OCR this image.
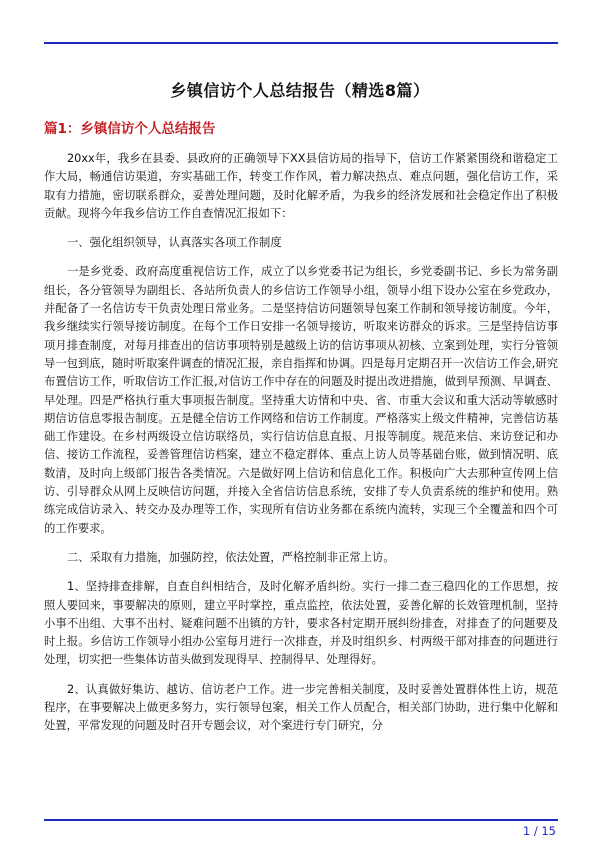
乡镇信访个人总结报告（精选8篇）
篇1：乡镇信访个人总结报告

20xx年，我乡在县委、县政府的正确领导下XX县信访局的指导下，信访工作紧紧围绕和谐稳定工作大局，畅通信访渠道，夯实基础工作，转变工作作风，着力解决热点、难点问题，强化信访工作，采取有力措施，密切联系群众，妥善处理问题，及时化解矛盾，为我乡的经济发展和社会稳定作出了积极贡献。现将今年我乡信访工作自查情况汇报如下：

一、强化组织领导，认真落实各项工作制度

一是乡党委、政府高度重视信访工作，成立了以乡党委书记为组长，乡党委副书记、乡长为常务副组长，各分管领导为副组长、各站所负责人的乡信访工作领导小组，领导小组下设办公室在乡党政办，并配备了一名信访专干负责处理日常业务。二是坚持信访问题领导包案工作制和领导接访制度。今年，我乡继续实行领导接访制度。在每个工作日安排一名领导接访，听取来访群众的诉求。三是坚持信访事项月排查制度，对每月排查出的信访事项特别是越级上访的信访事项从初核、立案到处理，实行分管领导一包到底，随时听取案件调查的情况汇报，亲自指挥和协调。四是每月定期召开一次信访工作会,研究布置信访工作，听取信访工作汇报,对信访工作中存在的问题及时提出改进措施，做到早预测、早调查、早处理。四是严格执行重大事项报告制度。坚持重大访情和中央、省、市重大会议和重大活动等敏感时期信访信息零报告制度。五是健全信访工作网络和信访工作制度。严格落实上级文件精神，完善信访基础工作建设。在乡村两级设立信访联络员，实行信访信息直报、月报等制度。规范来信、来访登记和办信、接访工作流程，妥善管理信访档案，建立不稳定群体、重点上访人员等基础台账，做到情况明、底数清，及时向上级部门报告各类情况。六是做好网上信访和信息化工作。积极向广大去那种宣传网上信访、引导群众从网上反映信访问题，并接入全省信访信息系统，安排了专人负责系统的维护和使用。熟练完成信访录入、转交办及办理等工作，实现所有信访业务都在系统内流转，实现三个全覆盖和四个可的工作要求。

二、采取有力措施，加强防控，依法处置，严格控制非正常上访。

1、坚持排查排解，自查自纠相结合，及时化解矛盾纠纷。实行一排二查三稳四化的工作思想，按照人要回来，事要解决的原则，建立平时掌控，重点监控，依法处置，妥善化解的长效管理机制，坚持小事不出组、大事不出村、疑难问题不出镇的方针，要求各村定期开展纠纷排查，对排查了的问题要及时上报。乡信访工作领导小组办公室每月进行一次排查，并及时组织乡、村两级干部对排查的问题进行处理，切实把一些集体访苗头做到发现得早、控制得早、处理得好。

2、认真做好集访、越访、信访老户工作。进一步完善相关制度，及时妥善处置群体性上访，规范程序，在事要解决上做更多努力，实行领导包案，相关工作人员配合，相关部门协助，进行集中化解和处置，平常发现的问题及时召开专题会议，对个案进行专门研究，分

1 / 15
